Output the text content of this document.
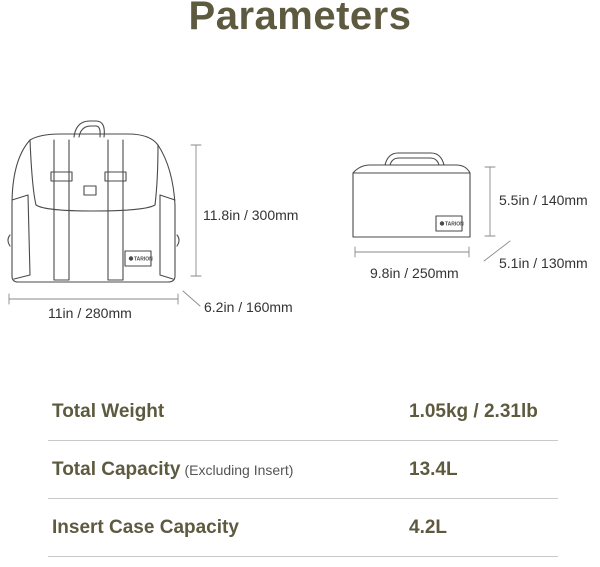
Parameters
TARION
TARION
11.8in / 300mm
11in / 280mm	6.2in / 160mm
5.5in / 140mm
9.8in / 250mm
5.1in / 130mm
Total Weight	1.05kg / 2.31lb
Total Capacity (Excluding Insert)	13.4L
Insert Case Capacity	4.2L
